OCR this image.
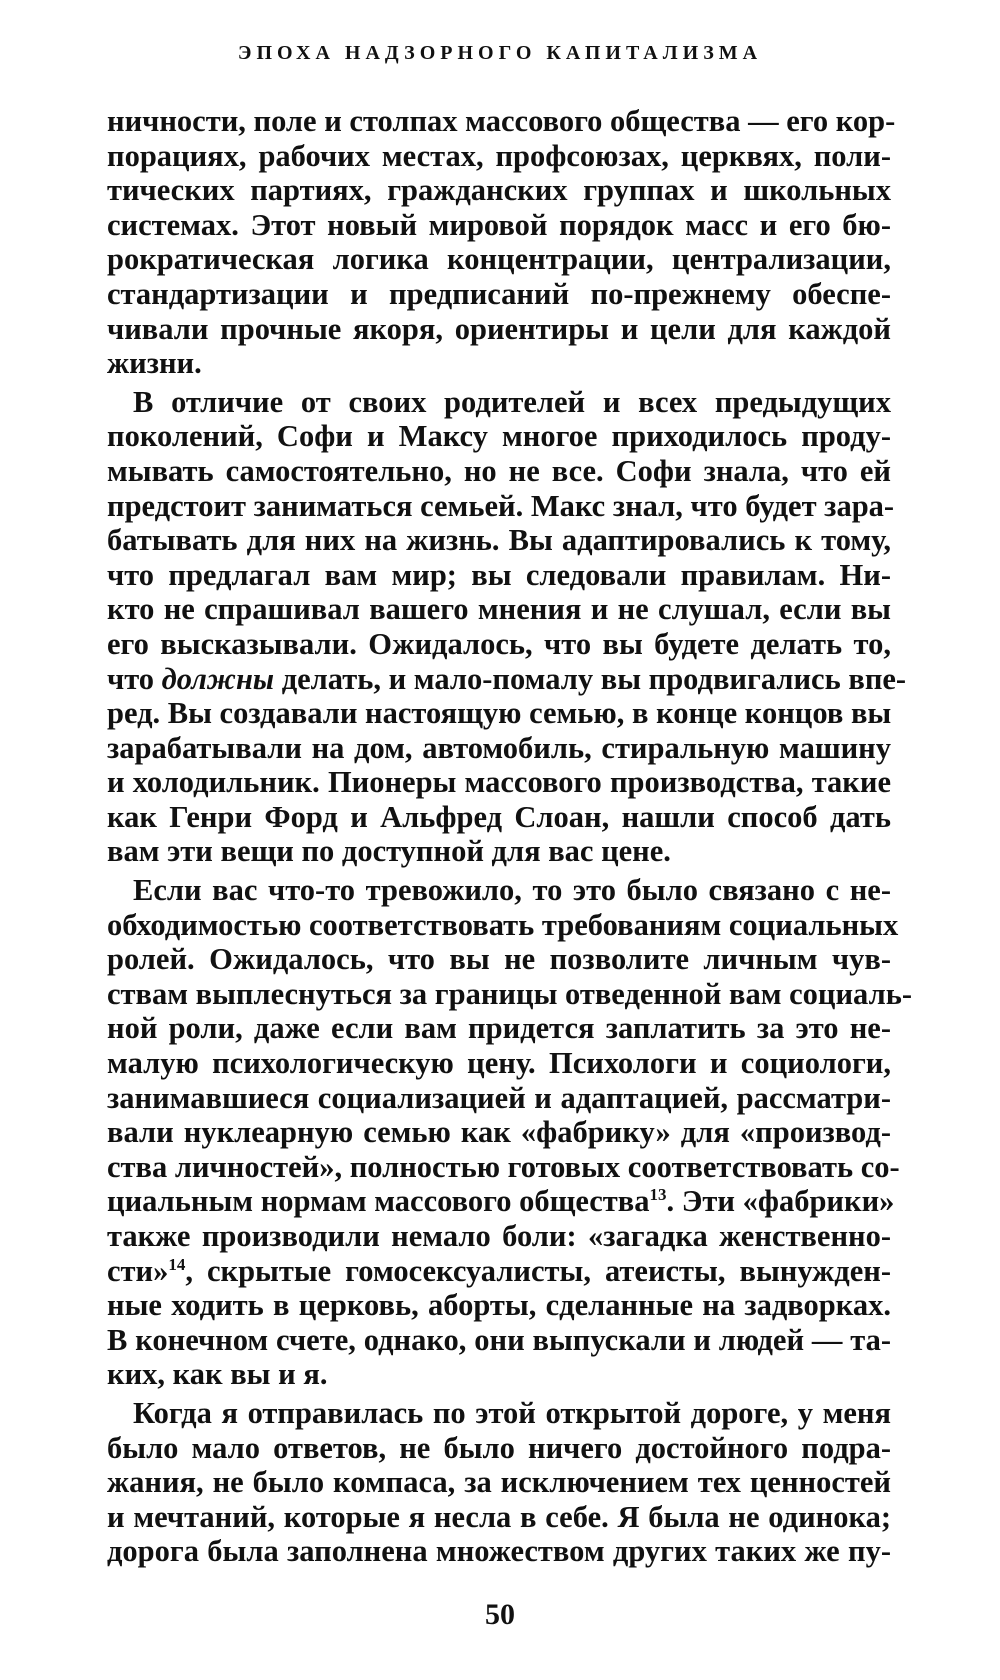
ЭПОХА НАДЗОРНОГО КАПИТАЛИЗМА
ничности, поле и столпах массового общества — его кор-
порациях, рабочих местах, профсоюзах, церквях, поли-
тических партиях, гражданских группах и школьных
системах. Этот новый мировой порядок масс и его бю-
рократическая логика концентрации, централизации,
стандартизации и предписаний по-прежнему обеспе-
чивали прочные якоря, ориентиры и цели для каждой
жизни.
В отличие от своих родителей и всех предыдущих
поколений, Софи и Максу многое приходилось проду-
мывать самостоятельно, но не все. Софи знала, что ей
предстоит заниматься семьей. Макс знал, что будет зара-
батывать для них на жизнь. Вы адаптировались к тому,
что предлагал вам мир; вы следовали правилам. Ни-
кто не спрашивал вашего мнения и не слушал, если вы
его высказывали. Ожидалось, что вы будете делать то,
что должны делать, и мало-помалу вы продвигались впе-
ред. Вы создавали настоящую семью, в конце концов вы
зарабатывали на дом, автомобиль, стиральную машину
и холодильник. Пионеры массового производства, такие
как Генри Форд и Альфред Слоан, нашли способ дать
вам эти вещи по доступной для вас цене.
Если вас что-то тревожило, то это было связано с не-
обходимостью соответствовать требованиям социальных
ролей. Ожидалось, что вы не позволите личным чув-
ствам выплеснуться за границы отведенной вам социаль-
ной роли, даже если вам придется заплатить за это не-
малую психологическую цену. Психологи и социологи,
занимавшиеся социализацией и адаптацией, рассматри-
вали нуклеарную семью как «фабрику» для «производ-
ства личностей», полностью готовых соответствовать со-
циальным нормам массового общества$^{13}$. Эти «фабрики»
также производили немало боли: «загадка женственно-
сти»$^{14}$, скрытые гомосексуалисты, атеисты, вынужден-
ные ходить в церковь, аборты, сделанные на задворках.
В конечном счете, однако, они выпускали и людей — та-
ких, как вы и я.
Когда я отправилась по этой открытой дороге, у меня
было мало ответов, не было ничего достойного подра-
жания, не было компаса, за исключением тех ценностей
и мечтаний, которые я несла в себе. Я была не одинока;
дорога была заполнена множеством других таких же пу-
50
